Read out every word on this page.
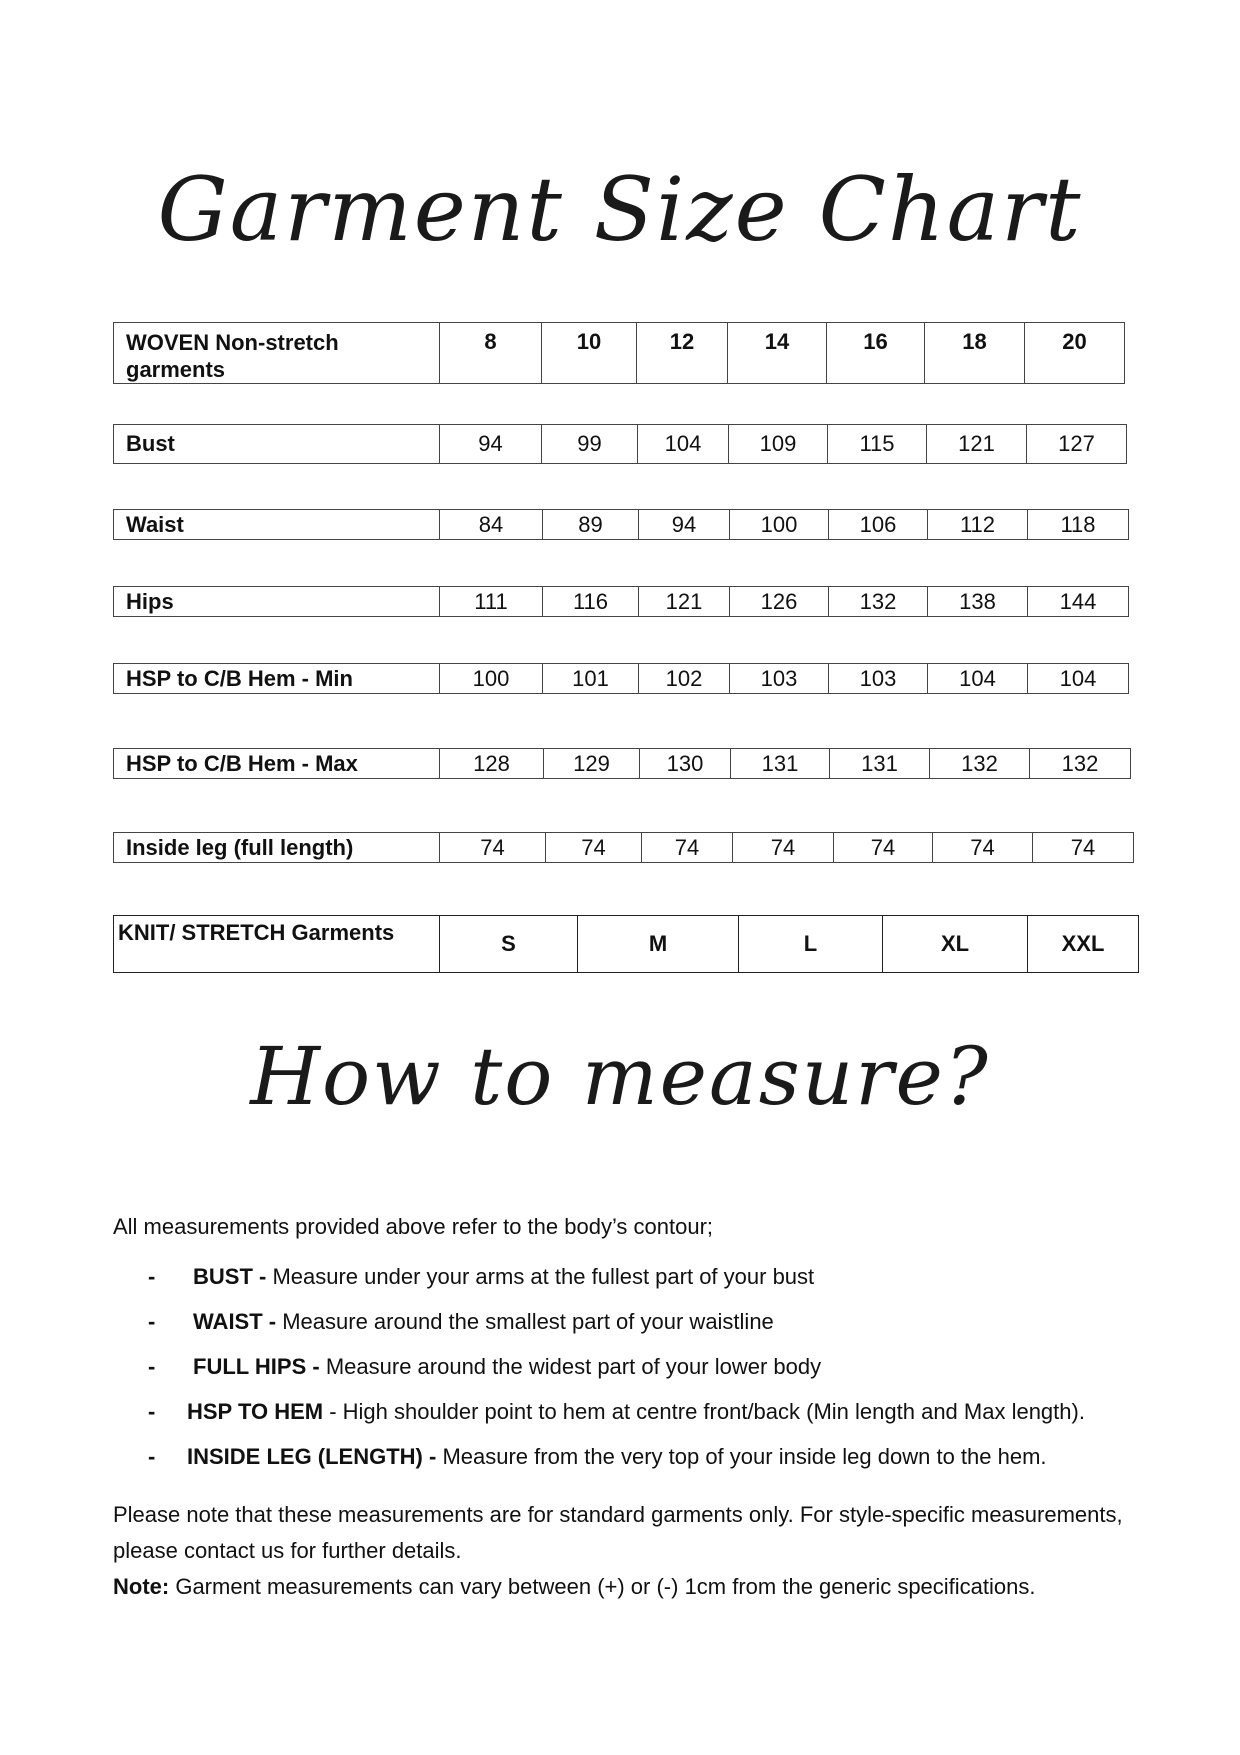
Garment Size Chart
WOVEN Non-stretch garments	8	10	12	14	16	18	20
Bust	94	99	104	109	115	121	127
Waist	84	89	94	100	106	112	118
Hips	111	116	121	126	132	138	144
HSP to C/B Hem - Min	100	101	102	103	103	104	104
HSP to C/B Hem - Max	128	129	130	131	131	132	132
Inside leg (full length)	74	74	74	74	74	74	74
KNIT/ STRETCH Garments	S	M	L	XL	XXL
How to measure?
All measurements provided above refer to the body’s contour;
- BUST - Measure under your arms at the fullest part of your bust
- WAIST - Measure around the smallest part of your waistline
- FULL HIPS - Measure around the widest part of your lower body
- HSP TO HEM - High shoulder point to hem at centre front/back (Min length and Max length).
- INSIDE LEG (LENGTH) - Measure from the very top of your inside leg down to the hem.
Please note that these measurements are for standard garments only. For style-specific measurements, please contact us for further details.
Note: Garment measurements can vary between (+) or (-) 1cm from the generic specifications.
